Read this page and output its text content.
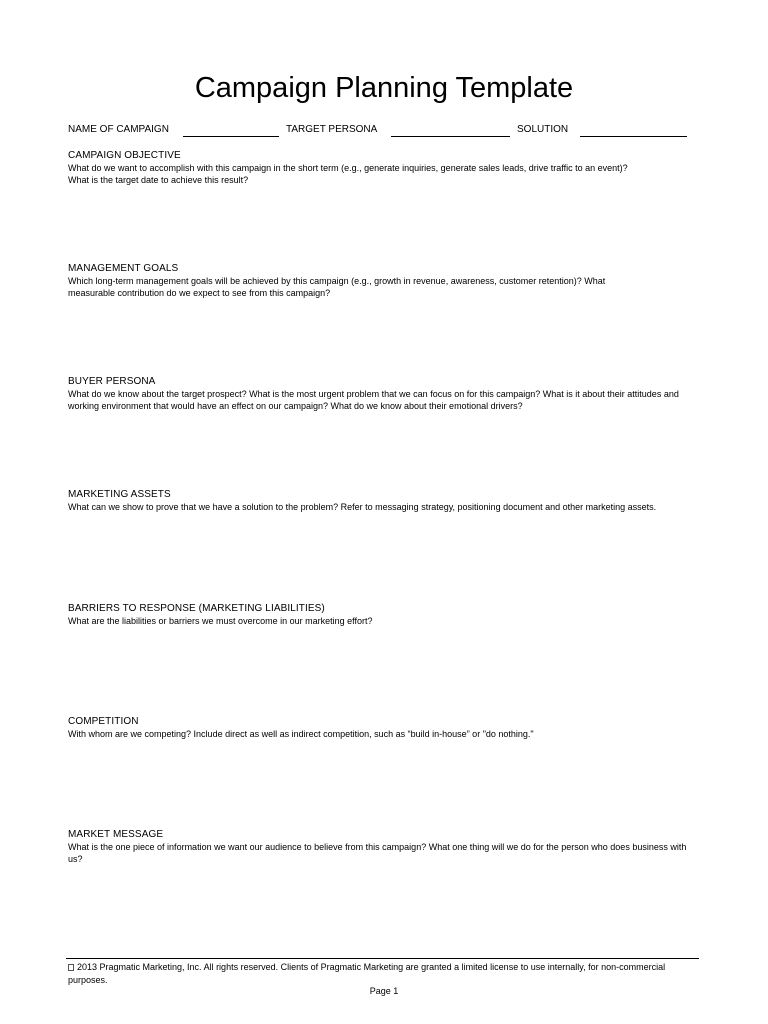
Campaign Planning Template
NAME OF CAMPAIGN	TARGET PERSONA	SOLUTION
CAMPAIGN OBJECTIVE

What do we want to accomplish with this campaign in the short term (e.g., generate inquiries, generate sales leads, drive traffic to an event)? What is the target date to achieve this result?

MANAGEMENT GOALS

Which long-term management goals will be achieved by this campaign (e.g., growth in revenue, awareness, customer retention)? What measurable contribution do we expect to see from this campaign?

BUYER PERSONA

What do we know about the target prospect? What is the most urgent problem that we can focus on for this campaign? What is it about their attitudes and working environment that would have an effect on our campaign? What do we know about their emotional drivers?

MARKETING ASSETS

What can we show to prove that we have a solution to the problem? Refer to messaging strategy, positioning document and other marketing assets.

BARRIERS TO RESPONSE (MARKETING LIABILITIES)

What are the liabilities or barriers we must overcome in our marketing effort?

COMPETITION

With whom are we competing? Include direct as well as indirect competition, such as “build in-house” or "do nothing."

MARKET MESSAGE

What is the one piece of information we want our audience to believe from this campaign? What one thing will we do for the person who does business with us?

2013 Pragmatic Marketing, Inc. All rights reserved. Clients of Pragmatic Marketing are granted a limited license to use internally, for non-commercial purposes.
Page 1
